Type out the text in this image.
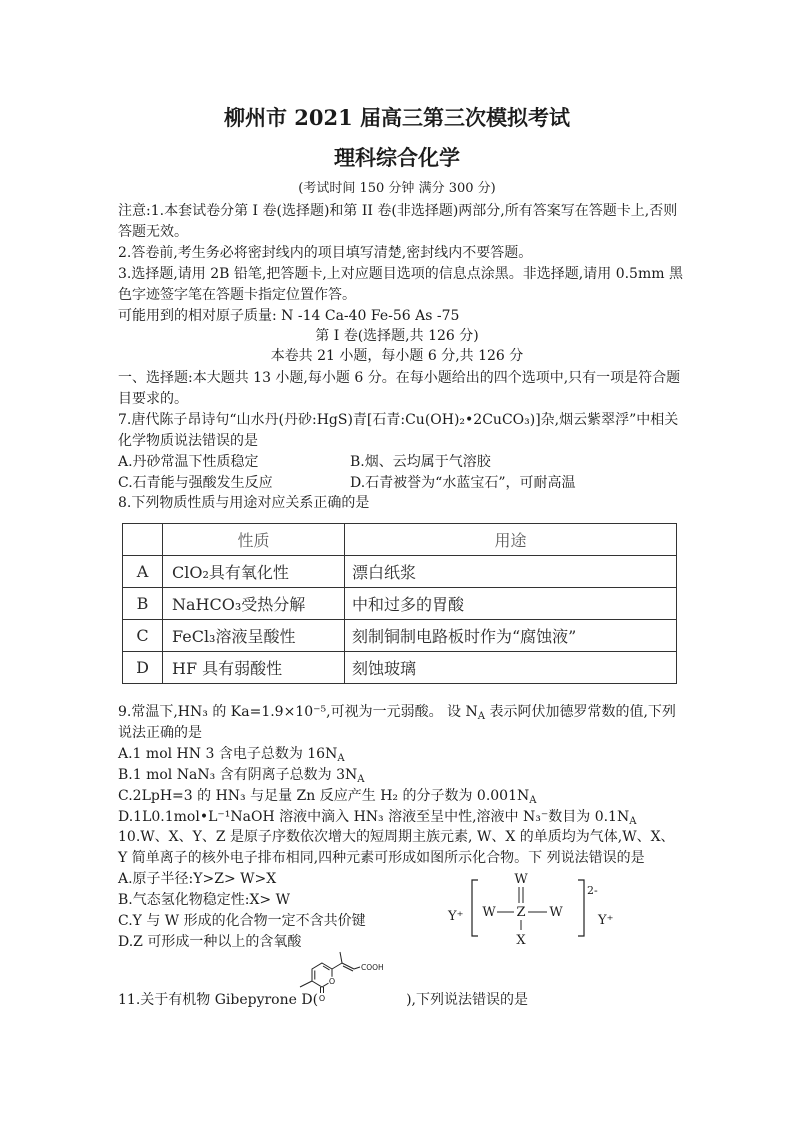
柳州市 2021 届高三第三次模拟考试
理科综合化学
(考试时间 150 分钟 满分 300 分)

注意:1.本套试卷分第 I 卷(选择题)和第 II 卷(非选择题)两部分,所有答案写在答题卡上,否则答题无效。

2.答卷前,考生务必将密封线内的项目填写清楚,密封线内不要答题。

3.选择题,请用 2B 铅笔,把答题卡,上对应题目选项的信息点涂黑。非选择题,请用 0.5mm 黑色字迹签字笔在答题卡指定位置作答。

可能用到的相对原子质量: N -14 Ca-40 Fe-56 As -75

第 I 卷(选择题,共 126 分)
本卷共 21 小题，每小题 6 分,共 126 分

一、选择题:本大题共 13 小题,每小题 6 分。在每小题给出的四个选项中,只有一项是符合题目要求的。

7.唐代陈子昂诗句“山水丹(丹砂:HgS)青[石青:Cu(OH)₂•2CuCO₃)]杂,烟云紫翠浮”中相关化学物质说法错误的是

A.丹砂常温下性质稳定	B.烟、云均属于气溶胶
C.石青能与强酸发生反应	D.石青被誉为“水蓝宝石”，可耐高温

8.下列物质性质与用途对应关系正确的是

	性质	用途
A	ClO₂具有氧化性	漂白纸浆
B	NaHCO₃受热分解	中和过多的胃酸
C	FeCl₃溶液呈酸性	刻制铜制电路板时作为“腐蚀液”
D	HF 具有弱酸性	刻蚀玻璃

9.常温下,HN₃ 的 Ka=1.9×10⁻⁵,可视为一元弱酸。 设 $N_A$ 表示阿伏加德罗常数的值,下列说法正确的是

A.1 mol HN 3 含电子总数为 $16N_A$

B.1 mol NaN₃ 含有阴离子总数为 $3N_A$

C.2LpH=3 的 HN₃ 与足量 Zn 反应产生 H₂ 的分子数为 $0.001N_A$

D.1L0.1mol•L⁻¹NaOH 溶液中滴入 HN₃ 溶液至呈中性,溶液中 N₃⁻数目为 $0.1N_A$

10.W、X、Y、Z 是原子序数依次增大的短周期主族元素, W、X 的单质均为气体,W、X、Y 简单离子的核外电子排布相同,四种元素可形成如图所示化合物。下 列说法错误的是

A.原子半径:Y>Z> W>X

B.气态氢化物稳定性:X> W

C.Y 与 W 形成的化合物一定不含共价键

D.Z 可形成一种以上的含氧酸

Y⁺
W
W Z W
X
2-
Y⁺

11.关于有机物 Gibepyrone D(	),下列说法错误的是

O
O
COOH
